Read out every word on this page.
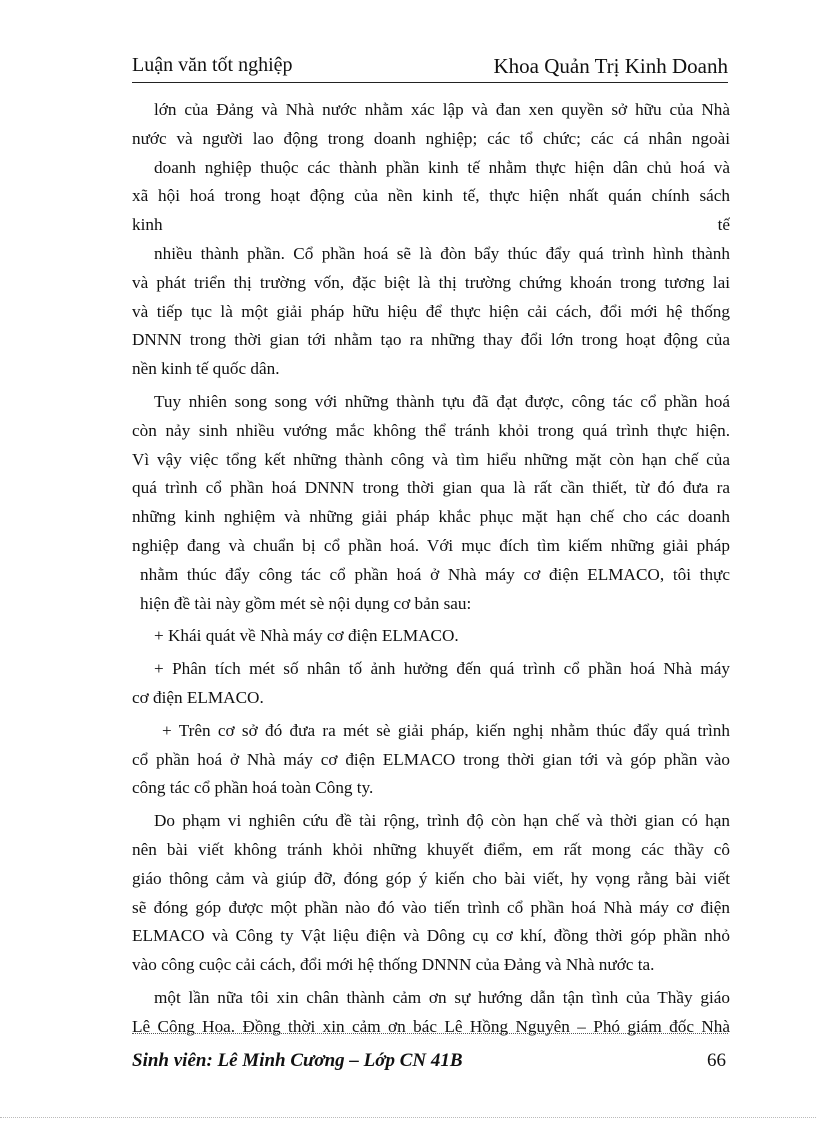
Luận văn tốt nghiệp	Khoa Quản Trị Kinh Doanh
lớn của Đảng và Nhà nước nhằm xác lập và đan xen quyền sở hữu của Nhà
nước và người lao động trong doanh nghiệp; các tổ chức; các cá nhân ngoài
doanh nghiệp thuộc các thành phần kinh tế nhằm thực hiện dân chủ hoá và
xã hội hoá trong hoạt động của nền kinh tế, thực hiện nhất quán chính sách
kinh	tế
nhiều thành phần. Cổ phần hoá sẽ là đòn bẩy thúc đẩy quá trình hình thành
và phát triển thị trường vốn, đặc biệt là thị trường chứng khoán trong tương lai
và tiếp tục là một giải pháp hữu hiệu để thực hiện cải cách, đổi mới hệ thống
DNNN trong thời gian tới nhằm tạo ra những thay đổi lớn trong hoạt động của
nền kinh tế quốc dân.
Tuy nhiên song song với những thành tựu đã đạt được, công tác cổ phần hoá
còn nảy sinh nhiều vướng mắc không thể tránh khỏi trong quá trình thực hiện.
Vì vậy việc tổng kết những thành công và tìm hiểu những mặt còn hạn chế của
quá trình cổ phần hoá DNNN trong thời gian qua là rất cần thiết, từ đó đưa ra
những kinh nghiệm và những giải pháp khắc phục mặt hạn chế cho các doanh
nghiệp đang và chuẩn bị cổ phần hoá. Với mục đích tìm kiếm những giải pháp
nhằm thúc đẩy công tác cổ phần hoá ở Nhà máy cơ điện ELMACO, tôi thực
hiện đề tài này gồm mét sè nội dụng cơ bản sau:
+ Khái quát về Nhà máy cơ điện ELMACO.
+ Phân tích mét số nhân tố ảnh hưởng đến quá trình cổ phần hoá Nhà máy
cơ điện ELMACO.
+ Trên cơ sở đó đưa ra mét sè giải pháp, kiến nghị nhằm thúc đẩy quá trình
cổ phần hoá ở Nhà máy cơ điện ELMACO trong thời gian tới và góp phần vào
công tác cổ phần hoá toàn Công ty.
Do phạm vi nghiên cứu đề tài rộng, trình độ còn hạn chế và thời gian có hạn
nên bài viết không tránh khỏi những khuyết điểm, em rất mong các thầy cô
giáo thông cảm và giúp đỡ, đóng góp ý kiến cho bài viết, hy vọng rằng bài viết
sẽ đóng góp được một phần nào đó vào tiến trình cổ phần hoá Nhà máy cơ điện
ELMACO và Công ty Vật liệu điện và Dông cụ cơ khí, đồng thời góp phần nhỏ
vào công cuộc cải cách, đổi mới hệ thống DNNN của Đảng và Nhà nước ta.
một lần nữa tôi xin chân thành cảm ơn sự hướng dẫn tận tình của Thầy giáo
Lê Công Hoa. Đồng thời xin cảm ơn bác Lê Hồng Nguyên – Phó giám đốc Nhà
Sinh viên: Lê Minh Cương – Lớp CN 41B	66
